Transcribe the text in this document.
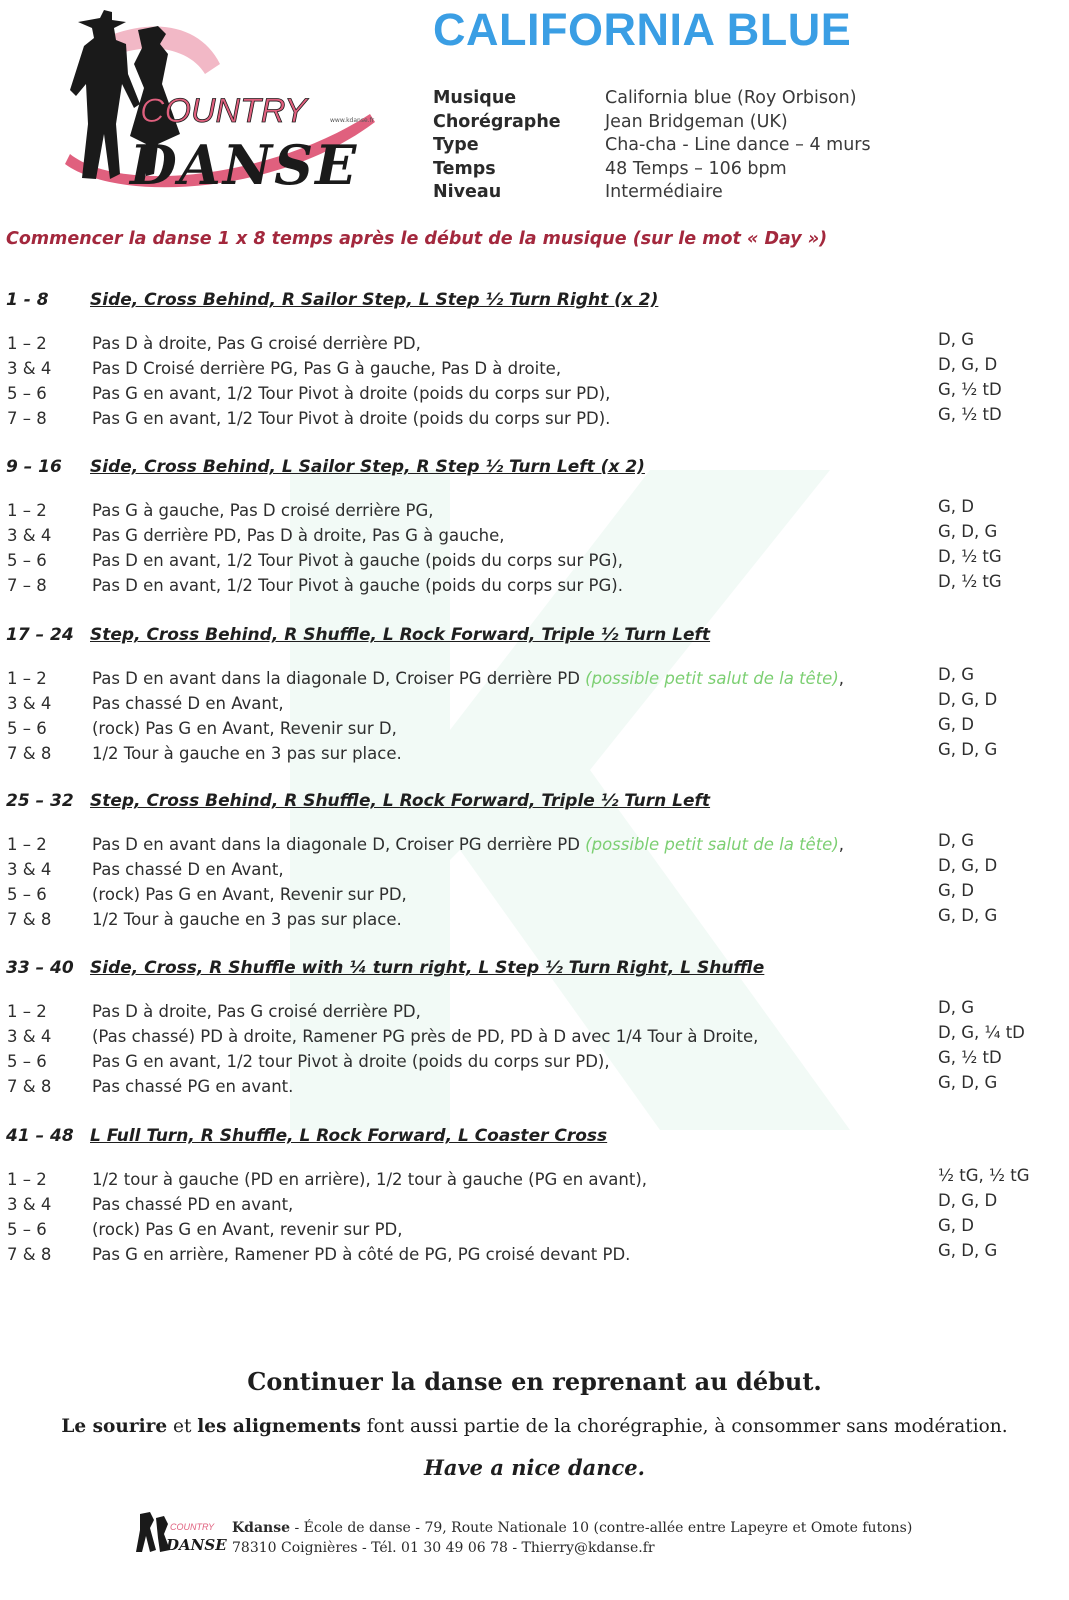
COUNTRY	www.kdanse.fr
DANSE
CALIFORNIA BLUE
Musique	California blue (Roy Orbison)
Chorégraphe	Jean Bridgeman (UK)
Type	Cha-cha - Line dance – 4 murs
Temps	48 Temps – 106 bpm
Niveau	Intermédiaire

Commencer la danse 1 x 8 temps après le début de la musique (sur le mot « Day »)

1 - 8 Side, Cross Behind, R Sailor Step, L Step ½ Turn Right (x 2)
1 – 2	Pas D à droite, Pas G croisé derrière PD,	D, G
3 & 4 Pas D Croisé derrière PG, Pas G à gauche, Pas D à droite,	D, G, D
5 – 6	Pas G en avant, 1/2 Tour Pivot à droite (poids du corps sur PD),	G, ½ tD
7 – 8	Pas G en avant, 1/2 Tour Pivot à droite (poids du corps sur PD).	G, ½ tD
9 – 16 Side, Cross Behind, L Sailor Step, R Step ½ Turn Left (x 2)
1 – 2	Pas G à gauche, Pas D croisé derrière PG,	G, D
3 & 4 Pas G derrière PD, Pas D à droite, Pas G à gauche,	G, D, G
5 – 6	Pas D en avant, 1/2 Tour Pivot à gauche (poids du corps sur PG),	D, ½ tG
7 – 8	Pas D en avant, 1/2 Tour Pivot à gauche (poids du corps sur PG).	D, ½ tG
17 – 24 Step, Cross Behind, R Shuffle, L Rock Forward, Triple ½ Turn Left
1 – 2	Pas D en avant dans la diagonale D, Croiser PG derrière PD (possible petit salut de la tête),	D, G
3 & 4 Pas chassé D en Avant,	D, G, D
5 – 6	(rock) Pas G en Avant, Revenir sur D,	G, D
7 & 8 1/2 Tour à gauche en 3 pas sur place.	G, D, G
25 – 32 Step, Cross Behind, R Shuffle, L Rock Forward, Triple ½ Turn Left
1 – 2	Pas D en avant dans la diagonale D, Croiser PG derrière PD (possible petit salut de la tête),	D, G
3 & 4 Pas chassé D en Avant,	D, G, D
5 – 6	(rock) Pas G en Avant, Revenir sur PD,	G, D
7 & 8 1/2 Tour à gauche en 3 pas sur place.	G, D, G
33 – 40 Side, Cross, R Shuffle with ¼ turn right, L Step ½ Turn Right, L Shuffle
1 – 2	Pas D à droite, Pas G croisé derrière PD,	D, G
3 & 4 (Pas chassé) PD à droite, Ramener PG près de PD, PD à D avec 1/4 Tour à Droite,	D, G, ¼ tD
5 – 6	Pas G en avant, 1/2 tour Pivot à droite (poids du corps sur PD),	G, ½ tD
7 & 8 Pas chassé PG en avant.	G, D, G
41 – 48 L Full Turn, R Shuffle, L Rock Forward, L Coaster Cross
1 – 2	1/2 tour à gauche (PD en arrière), 1/2 tour à gauche (PG en avant),	½ tG, ½ tG
3 & 4 Pas chassé PD en avant,	D, G, D
5 – 6	(rock) Pas G en Avant, revenir sur PD,	G, D
7 & 8 Pas G en arrière, Ramener PD à côté de PG, PG croisé devant PD.	G, D, G

Continuer la danse en reprenant au début.

Le sourire et les alignements font aussi partie de la chorégraphie, à consommer sans modération.

Have a nice dance.

COUNTRY
DANSE
Kdanse - École de danse - 79, Route Nationale 10 (contre-allée entre Lapeyre et Omote futons)
78310 Coignières - Tél. 01 30 49 06 78 - Thierry@kdanse.fr
